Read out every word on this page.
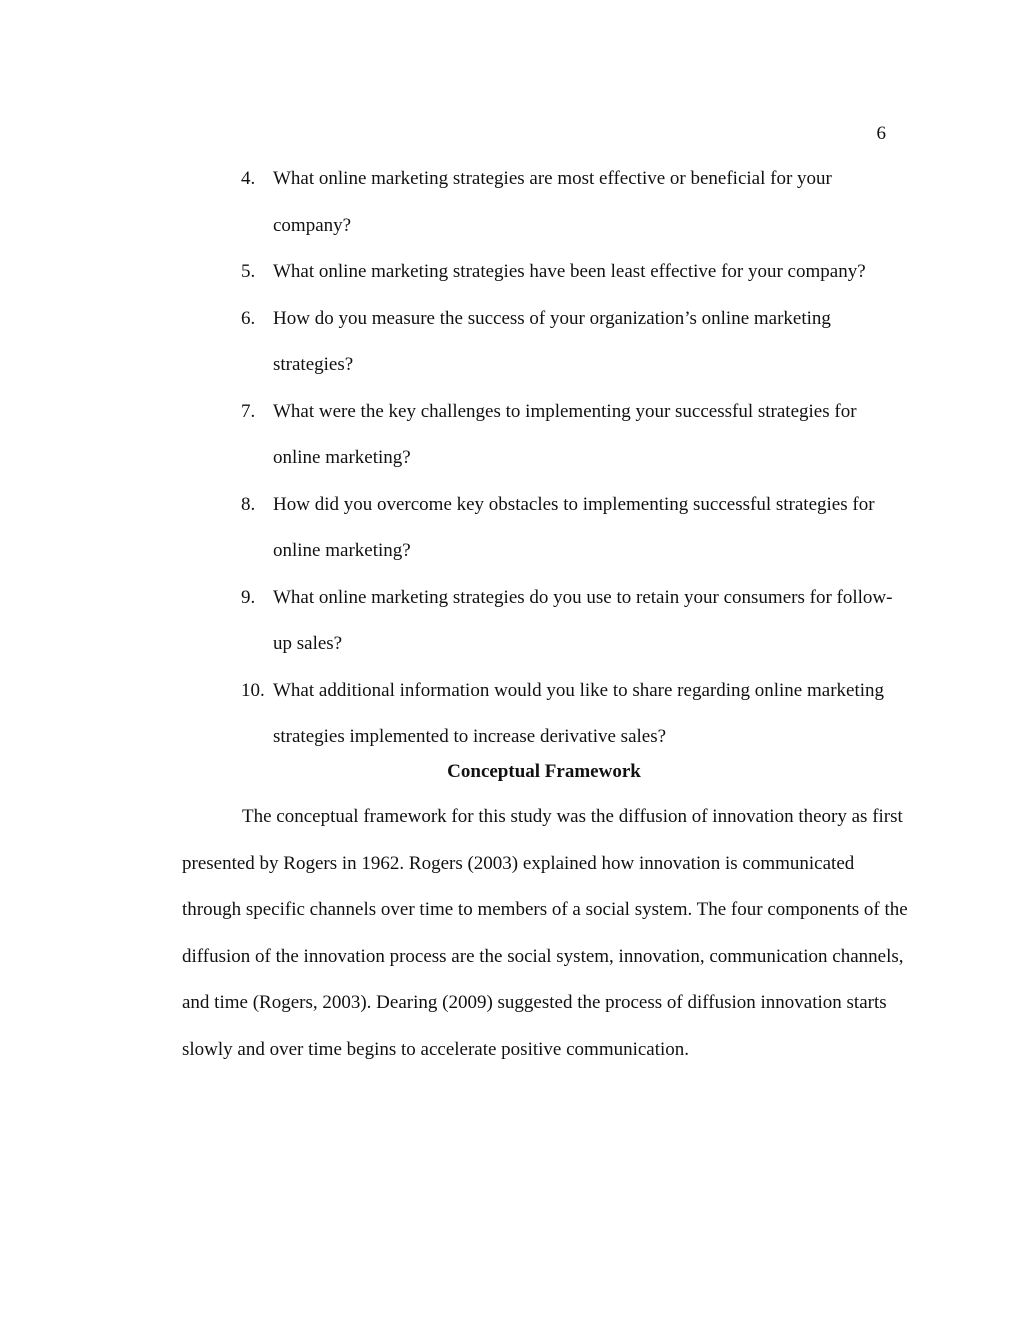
6
4. What online marketing strategies are most effective or beneficial for your company?
5. What online marketing strategies have been least effective for your company?
6. How do you measure the success of your organization’s online marketing strategies?
7. What were the key challenges to implementing your successful strategies for online marketing?
8. How did you overcome key obstacles to implementing successful strategies for online marketing?
9. What online marketing strategies do you use to retain your consumers for follow-up sales?
10. What additional information would you like to share regarding online marketing strategies implemented to increase derivative sales?
Conceptual Framework

The conceptual framework for this study was the diffusion of innovation theory as first presented by Rogers in 1962. Rogers (2003) explained how innovation is communicated through specific channels over time to members of a social system. The four components of the diffusion of the innovation process are the social system, innovation, communication channels, and time (Rogers, 2003). Dearing (2009) suggested the process of diffusion innovation starts slowly and over time begins to accelerate positive communication.
